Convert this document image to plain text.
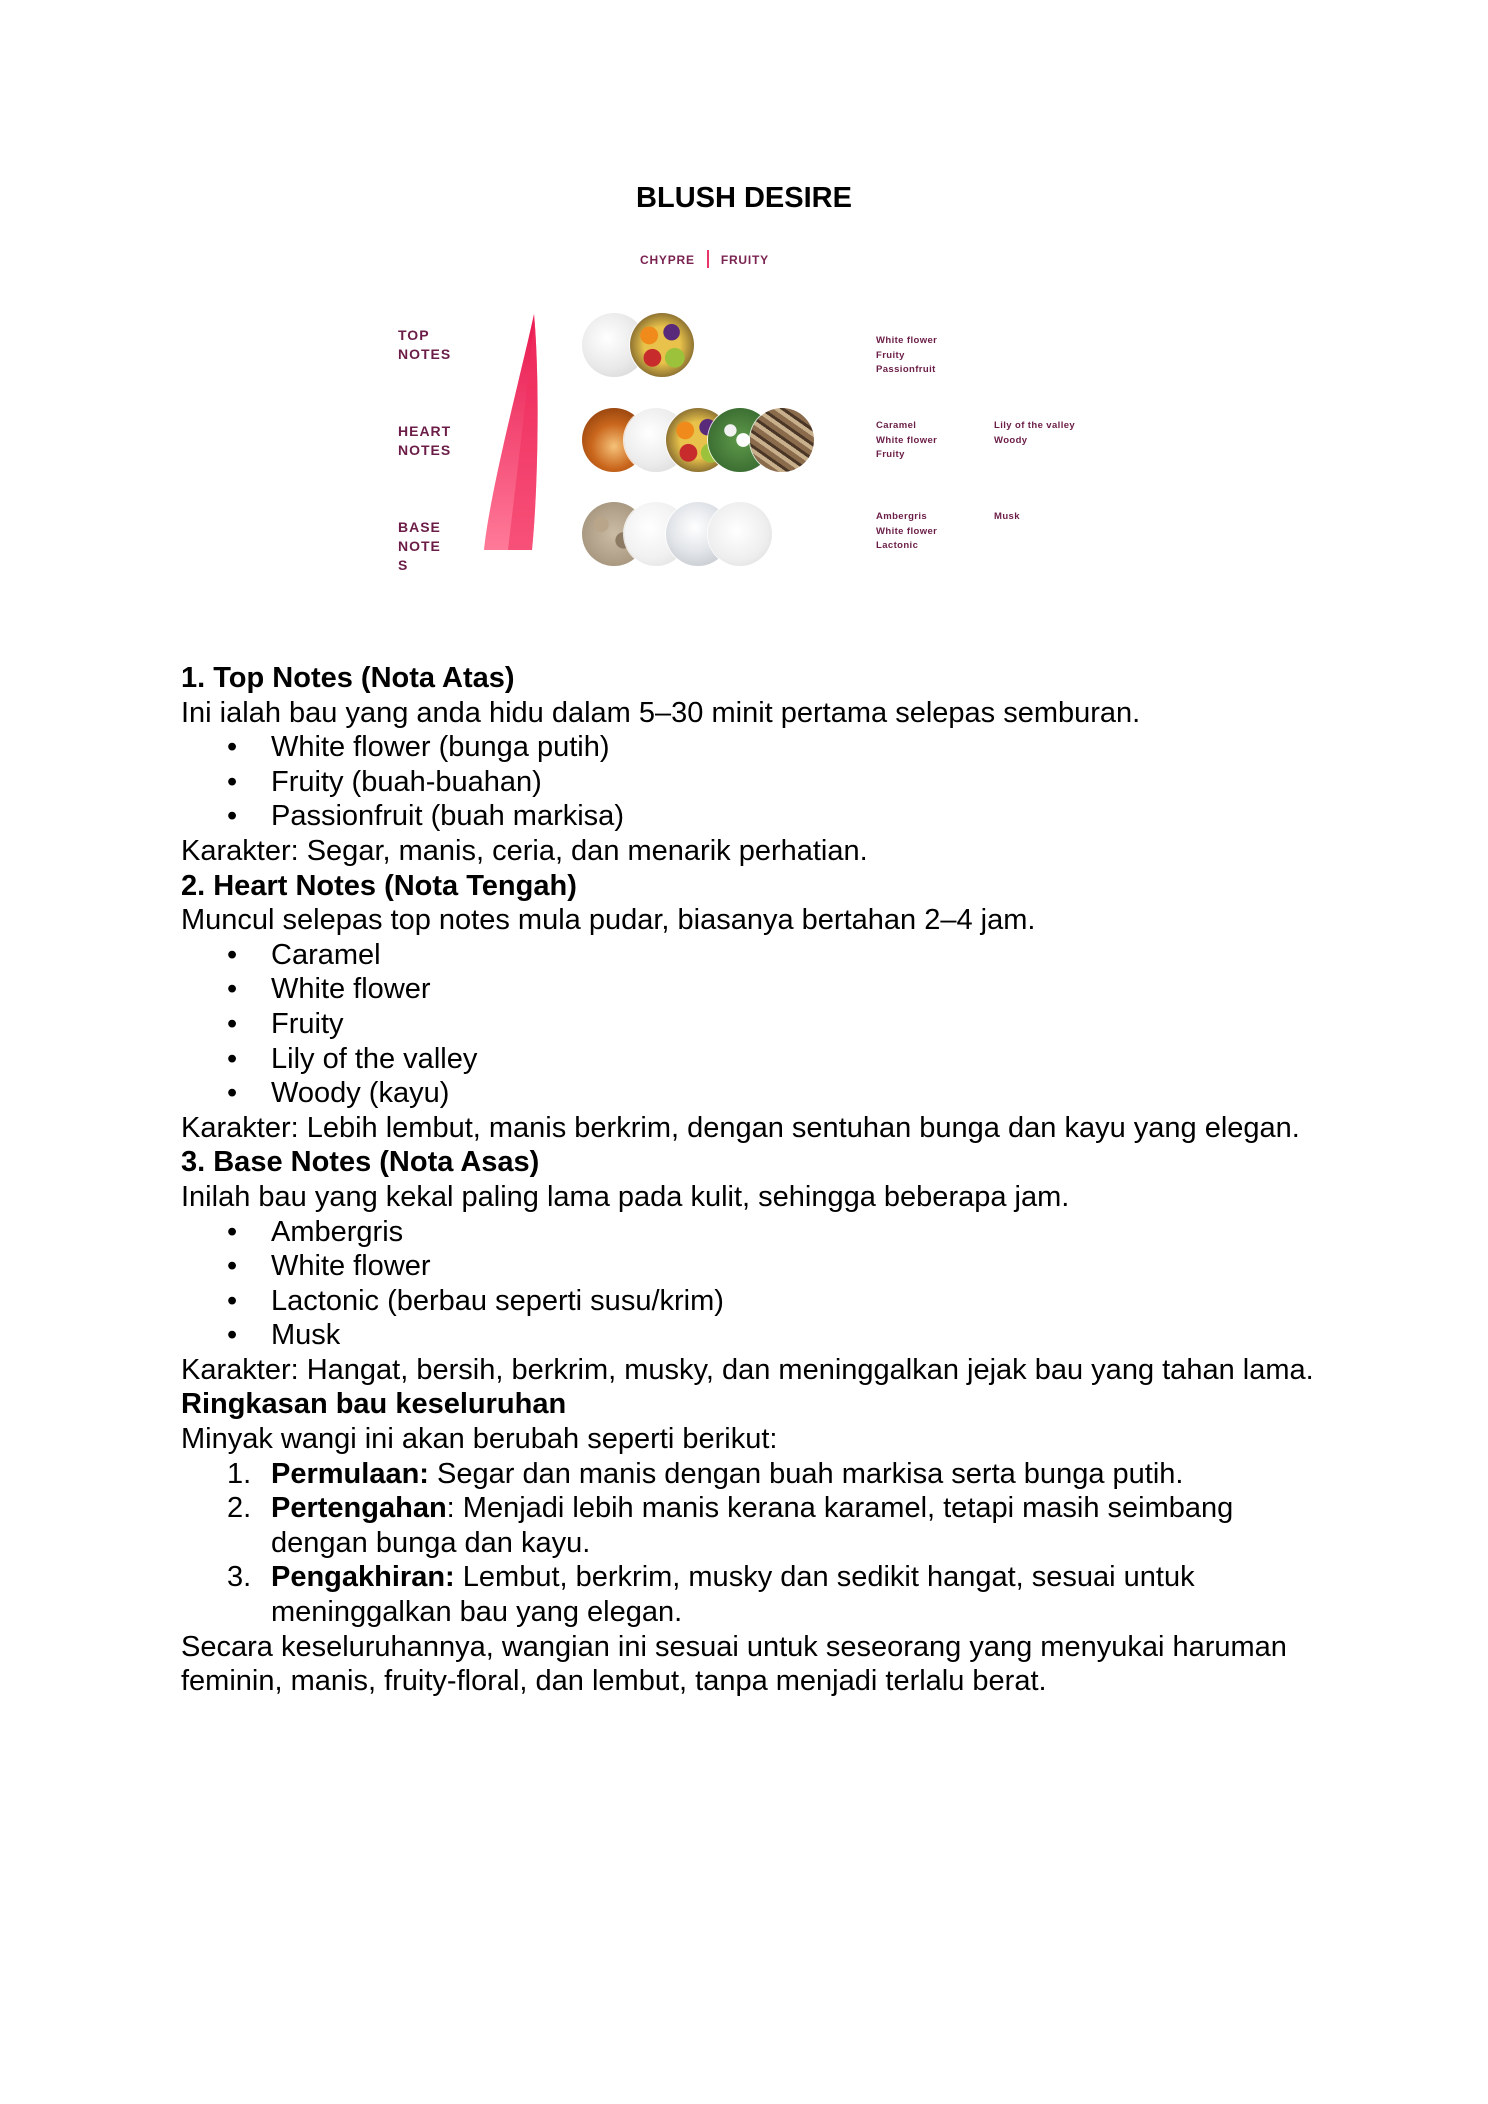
BLUSH DESIRE
CHYPRE FRUITY
TOP
NOTES
HEART
NOTES
BASE
NOTE
S
White flower
Fruity
Passionfruit
Caramel
White flower
Fruity
Lily of the valley
Woody
Ambergris
White flower
Lactonic
Musk
1. Top Notes (Nota Atas)

Ini ialah bau yang anda hidu dalam 5–30 minit pertama selepas semburan.

• White flower (bunga putih)
• Fruity (buah-buahan)
• Passionfruit (buah markisa)

Karakter: Segar, manis, ceria, dan menarik perhatian.

2. Heart Notes (Nota Tengah)

Muncul selepas top notes mula pudar, biasanya bertahan 2–4 jam.

• Caramel
• White flower
• Fruity
• Lily of the valley
• Woody (kayu)

Karakter: Lebih lembut, manis berkrim, dengan sentuhan bunga dan kayu yang elegan.

3. Base Notes (Nota Asas)

Inilah bau yang kekal paling lama pada kulit, sehingga beberapa jam.

• Ambergris
• White flower
• Lactonic (berbau seperti susu/krim)
• Musk

Karakter: Hangat, bersih, berkrim, musky, dan meninggalkan jejak bau yang tahan lama.

Ringkasan bau keseluruhan

Minyak wangi ini akan berubah seperti berikut:

1. Permulaan: Segar dan manis dengan buah markisa serta bunga putih.
2. Pertengahan: Menjadi lebih manis kerana karamel, tetapi masih seimbang dengan bunga dan kayu.
3. Pengakhiran: Lembut, berkrim, musky dan sedikit hangat, sesuai untuk meninggalkan bau yang elegan.

Secara keseluruhannya, wangian ini sesuai untuk seseorang yang menyukai haruman feminin, manis, fruity-floral, dan lembut, tanpa menjadi terlalu berat.
